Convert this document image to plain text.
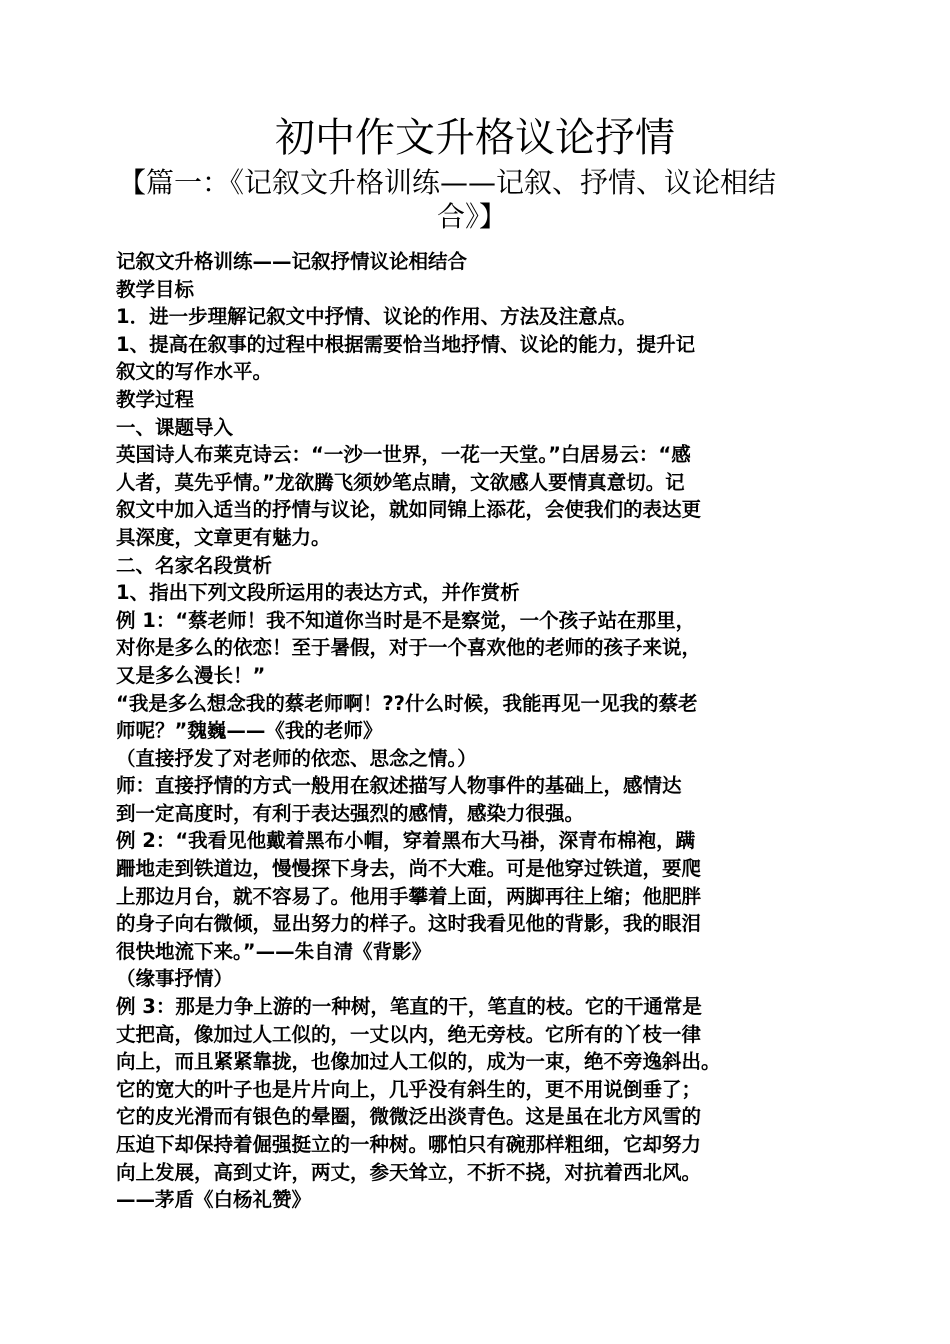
初中作文升格议论抒情
【篇一：《记叙文升格训练——记叙、抒情、议论相结
合》】
记叙文升格训练——记叙抒情议论相结合
教学目标
1．进一步理解记叙文中抒情、议论的作用、方法及注意点。
1、提高在叙事的过程中根据需要恰当地抒情、议论的能力，提升记
叙文的写作水平。
教学过程
一、课题导入
英国诗人布莱克诗云：“一沙一世界，一花一天堂。”白居易云：“感
人者，莫先乎情。”龙欲腾飞须妙笔点睛，文欲感人要情真意切。记
叙文中加入适当的抒情与议论，就如同锦上添花，会使我们的表达更
具深度，文章更有魅力。
二、名家名段赏析
1、指出下列文段所运用的表达方式，并作赏析
例 1：“蔡老师！我不知道你当时是不是察觉，一个孩子站在那里，
对你是多么的依恋！至于暑假，对于一个喜欢他的老师的孩子来说，
又是多么漫长！”
“我是多么想念我的蔡老师啊！??什么时候，我能再见一见我的蔡老
师呢？”魏巍——《我的老师》
（直接抒发了对老师的依恋、思念之情。）
师：直接抒情的方式一般用在叙述描写人物事件的基础上，感情达
到一定高度时，有利于表达强烈的感情，感染力很强。
例 2：“我看见他戴着黑布小帽，穿着黑布大马褂，深青布棉袍，蹒
跚地走到铁道边，慢慢探下身去，尚不大难。可是他穿过铁道，要爬
上那边月台，就不容易了。他用手攀着上面，两脚再往上缩；他肥胖
的身子向右微倾，显出努力的样子。这时我看见他的背影，我的眼泪
很快地流下来。”——朱自清《背影》
（缘事抒情）
例 3：那是力争上游的一种树，笔直的干，笔直的枝。它的干通常是
丈把高，像加过人工似的，一丈以内，绝无旁枝。它所有的丫枝一律
向上，而且紧紧靠拢，也像加过人工似的，成为一束，绝不旁逸斜出。
它的宽大的叶子也是片片向上，几乎没有斜生的，更不用说倒垂了；
它的皮光滑而有银色的晕圈，微微泛出淡青色。这是虽在北方风雪的
压迫下却保持着倔强挺立的一种树。哪怕只有碗那样粗细，它却努力
向上发展，高到丈许，两丈，参天耸立，不折不挠，对抗着西北风。
——茅盾《白杨礼赞》
